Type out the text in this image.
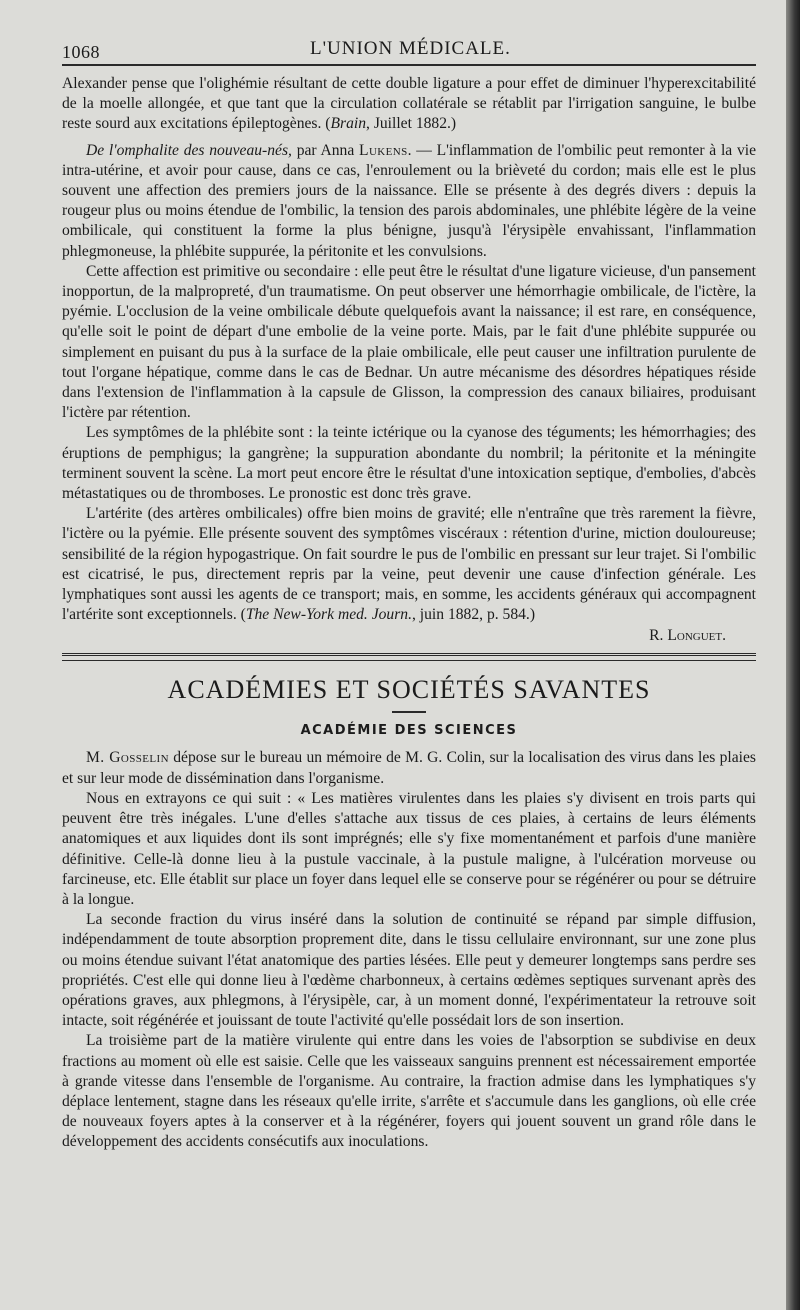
1068	L'UNION MÉDICALE.

Alexander pense que l'olighémie résultant de cette double ligature a pour effet de diminuer l'hyperexcitabilité de la moelle allongée, et que tant que la circulation collatérale se rétablit par l'irrigation sanguine, le bulbe reste sourd aux excitations épileptogènes. (Brain, Juillet 1882.)

De l'omphalite des nouveau-nés, par Anna Lukens. — L'inflammation de l'ombilic peut remonter à la vie intra-utérine, et avoir pour cause, dans ce cas, l'enroulement ou la brièveté du cordon; mais elle est le plus souvent une affection des premiers jours de la naissance. Elle se présente à des degrés divers : depuis la rougeur plus ou moins étendue de l'ombilic, la tension des parois abdominales, une phlébite légère de la veine ombilicale, qui constituent la forme la plus bénigne, jusqu'à l'érysipèle envahissant, l'inflammation phlegmoneuse, la phlébite suppurée, la péritonite et les convulsions.

Cette affection est primitive ou secondaire : elle peut être le résultat d'une ligature vicieuse, d'un pansement inopportun, de la malpropreté, d'un traumatisme. On peut observer une hémorrhagie ombilicale, de l'ictère, la pyémie. L'occlusion de la veine ombilicale débute quelquefois avant la naissance; il est rare, en conséquence, qu'elle soit le point de départ d'une embolie de la veine porte. Mais, par le fait d'une phlébite suppurée ou simplement en puisant du pus à la surface de la plaie ombilicale, elle peut causer une infiltration purulente de tout l'organe hépatique, comme dans le cas de Bednar. Un autre mécanisme des désordres hépatiques réside dans l'extension de l'inflammation à la capsule de Glisson, la compression des canaux biliaires, produisant l'ictère par rétention.

Les symptômes de la phlébite sont : la teinte ictérique ou la cyanose des téguments; les hémorrhagies; des éruptions de pemphigus; la gangrène; la suppuration abondante du nombril; la péritonite et la méningite terminent souvent la scène. La mort peut encore être le résultat d'une intoxication septique, d'embolies, d'abcès métastatiques ou de thromboses. Le pronostic est donc très grave.

L'artérite (des artères ombilicales) offre bien moins de gravité; elle n'entraîne que très rarement la fièvre, l'ictère ou la pyémie. Elle présente souvent des symptômes viscéraux : rétention d'urine, miction douloureuse; sensibilité de la région hypogastrique. On fait sourdre le pus de l'ombilic en pressant sur leur trajet. Si l'ombilic est cicatrisé, le pus, directement repris par la veine, peut devenir une cause d'infection générale. Les lymphatiques sont aussi les agents de ce transport; mais, en somme, les accidents généraux qui accompagnent l'artérite sont exceptionnels. (The New-York med. Journ., juin 1882, p. 584.)

R. Longuet.
ACADÉMIES ET SOCIÉTÉS SAVANTES
ACADÉMIE DES SCIENCES

M. Gosselin dépose sur le bureau un mémoire de M. G. Colin, sur la localisation des virus dans les plaies et sur leur mode de dissémination dans l'organisme.

Nous en extrayons ce qui suit : « Les matières virulentes dans les plaies s'y divisent en trois parts qui peuvent être très inégales. L'une d'elles s'attache aux tissus de ces plaies, à certains de leurs éléments anatomiques et aux liquides dont ils sont imprégnés; elle s'y fixe momentanément et parfois d'une manière définitive. Celle-là donne lieu à la pustule vaccinale, à la pustule maligne, à l'ulcération morveuse ou farcineuse, etc. Elle établit sur place un foyer dans lequel elle se conserve pour se régénérer ou pour se détruire à la longue.

La seconde fraction du virus inséré dans la solution de continuité se répand par simple diffusion, indépendamment de toute absorption proprement dite, dans le tissu cellulaire environnant, sur une zone plus ou moins étendue suivant l'état anatomique des parties lésées. Elle peut y demeurer longtemps sans perdre ses propriétés. C'est elle qui donne lieu à l'œdème charbonneux, à certains œdèmes septiques survenant après des opérations graves, aux phlegmons, à l'érysipèle, car, à un moment donné, l'expérimentateur la retrouve soit intacte, soit régénérée et jouissant de toute l'activité qu'elle possédait lors de son insertion.

La troisième part de la matière virulente qui entre dans les voies de l'absorption se subdivise en deux fractions au moment où elle est saisie. Celle que les vaisseaux sanguins prennent est nécessairement emportée à grande vitesse dans l'ensemble de l'organisme. Au contraire, la fraction admise dans les lymphatiques s'y déplace lentement, stagne dans les réseaux qu'elle irrite, s'arrête et s'accumule dans les ganglions, où elle crée de nouveaux foyers aptes à la conserver et à la régénérer, foyers qui jouent souvent un grand rôle dans le développement des accidents consécutifs aux inoculations.
